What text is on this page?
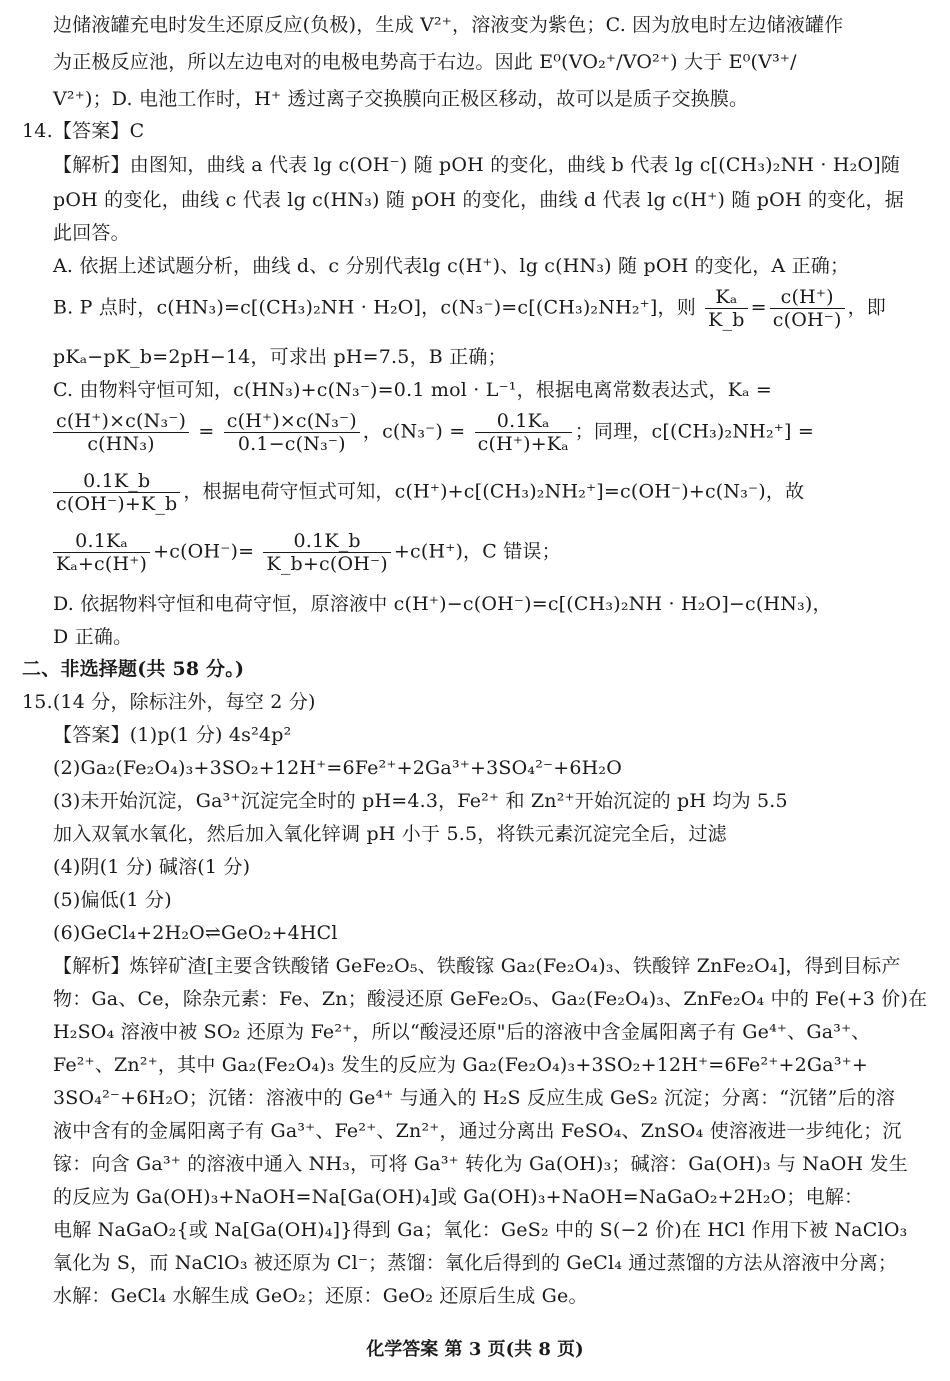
边储液罐充电时发生还原反应(负极)，生成 V²⁺，溶液变为紫色；C. 因为放电时左边储液罐作
为正极反应池，所以左边电对的电极电势高于右边。因此 E⁰(VO₂⁺/VO²⁺) 大于 E⁰(V³⁺/
V²⁺)；D. 电池工作时，H⁺ 透过离子交换膜向正极区移动，故可以是质子交换膜。
14.【答案】C
【解析】由图知，曲线 a 代表 lg c(OH⁻) 随 pOH 的变化，曲线 b 代表 lg c[(CH₃)₂NH · H₂O]随
pOH 的变化，曲线 c 代表 lg c(HN₃) 随 pOH 的变化，曲线 d 代表 lg c(H⁺) 随 pOH 的变化，据
此回答。
A. 依据上述试题分析，曲线 d、c 分别代表lg c(H⁺)、lg c(HN₃) 随 pOH 的变化，A 正确；
B. P 点时，c(HN₃)=c[(CH₃)₂NH · H₂O]，c(N₃⁻)=c[(CH₃)₂NH₂⁺]，则 $\frac{\text{Kₐ}}{K\_b} = \frac{c(H^+)}{c(OH^-)}$ ，即
pKₐ−pK_b=2pH−14，可求出 pH=7.5，B 正确；
C. 由物料守恒可知，c(HN₃)+c(N₃⁻)=0.1 mol · L⁻¹，根据电离常数表达式，Kₐ =
$\frac{\text{c(H⁺)×c(N₃⁻)}}{\text{c(HN₃)}} = \frac{\text{c(H⁺)×c(N₃⁻)}}{\text{0.1−c(N₃⁻)}}$ ，$c(N_3^-) = \frac{\text{0.1Kₐ}}{\text{c(H⁺)+Kₐ}}$ ；同理，c[(CH₃)₂NH₂⁺] =
$\frac{0.1K\_b}{c(OH^-)+K\_b}$ ，根据电荷守恒式可知，c(H⁺)+c[(CH₃)₂NH₂⁺]=c(OH⁻)+c(N₃⁻)，故
$\frac{\text{0.1Kₐ}}{\text{Kₐ+c(H⁺)}} +c(OH^-)= \frac{0.1K\_b}{K\_b+c(OH^-)} +c(H^+)$，C 错误；
D. 依据物料守恒和电荷守恒，原溶液中 c(H⁺)−c(OH⁻)=c[(CH₃)₂NH · H₂O]−c(HN₃)，
D 正确。
二、非选择题(共 58 分。)
15.(14 分，除标注外，每空 2 分)
【答案】(1)p(1 分) 4s²4p²
(2)Ga₂(Fe₂O₄)₃+3SO₂+12H⁺=6Fe²⁺+2Ga³⁺+3SO₄²⁻+6H₂O
(3)未开始沉淀，Ga³⁺沉淀完全时的 pH=4.3，Fe²⁺ 和 Zn²⁺开始沉淀的 pH 均为 5.5
加入双氧水氧化，然后加入氧化锌调 pH 小于 5.5，将铁元素沉淀完全后，过滤
(4)阴(1 分) 碱溶(1 分)
(5)偏低(1 分)
(6)GeCl₄+2H₂O⇌GeO₂+4HCl
【解析】炼锌矿渣[主要含铁酸锗 GeFe₂O₅、铁酸镓 Ga₂(Fe₂O₄)₃、铁酸锌 ZnFe₂O₄]，得到目标产
物：Ga、Ce，除杂元素：Fe、Zn；酸浸还原 GeFe₂O₅、Ga₂(Fe₂O₄)₃、ZnFe₂O₄ 中的 Fe(+3 价)在
H₂SO₄ 溶液中被 SO₂ 还原为 Fe²⁺，所以“酸浸还原"后的溶液中含金属阳离子有 Ge⁴⁺、Ga³⁺、
Fe²⁺、Zn²⁺，其中 Ga₂(Fe₂O₄)₃ 发生的反应为 Ga₂(Fe₂O₄)₃+3SO₂+12H⁺=6Fe²⁺+2Ga³⁺+
3SO₄²⁻+6H₂O；沉锗：溶液中的 Ge⁴⁺ 与通入的 H₂S 反应生成 GeS₂ 沉淀；分离：“沉锗”后的溶
液中含有的金属阳离子有 Ga³⁺、Fe²⁺、Zn²⁺，通过分离出 FeSO₄、ZnSO₄ 使溶液进一步纯化；沉
镓：向含 Ga³⁺ 的溶液中通入 NH₃，可将 Ga³⁺ 转化为 Ga(OH)₃；碱溶：Ga(OH)₃ 与 NaOH 发生
的反应为 Ga(OH)₃+NaOH=Na[Ga(OH)₄]或 Ga(OH)₃+NaOH=NaGaO₂+2H₂O；电解：
电解 NaGaO₂{或 Na[Ga(OH)₄]}得到 Ga；氧化：GeS₂ 中的 S(−2 价)在 HCl 作用下被 NaClO₃
氧化为 S，而 NaClO₃ 被还原为 Cl⁻；蒸馏：氧化后得到的 GeCl₄ 通过蒸馏的方法从溶液中分离；
水解：GeCl₄ 水解生成 GeO₂；还原：GeO₂ 还原后生成 Ge。
化学答案 第 3 页(共 8 页)
